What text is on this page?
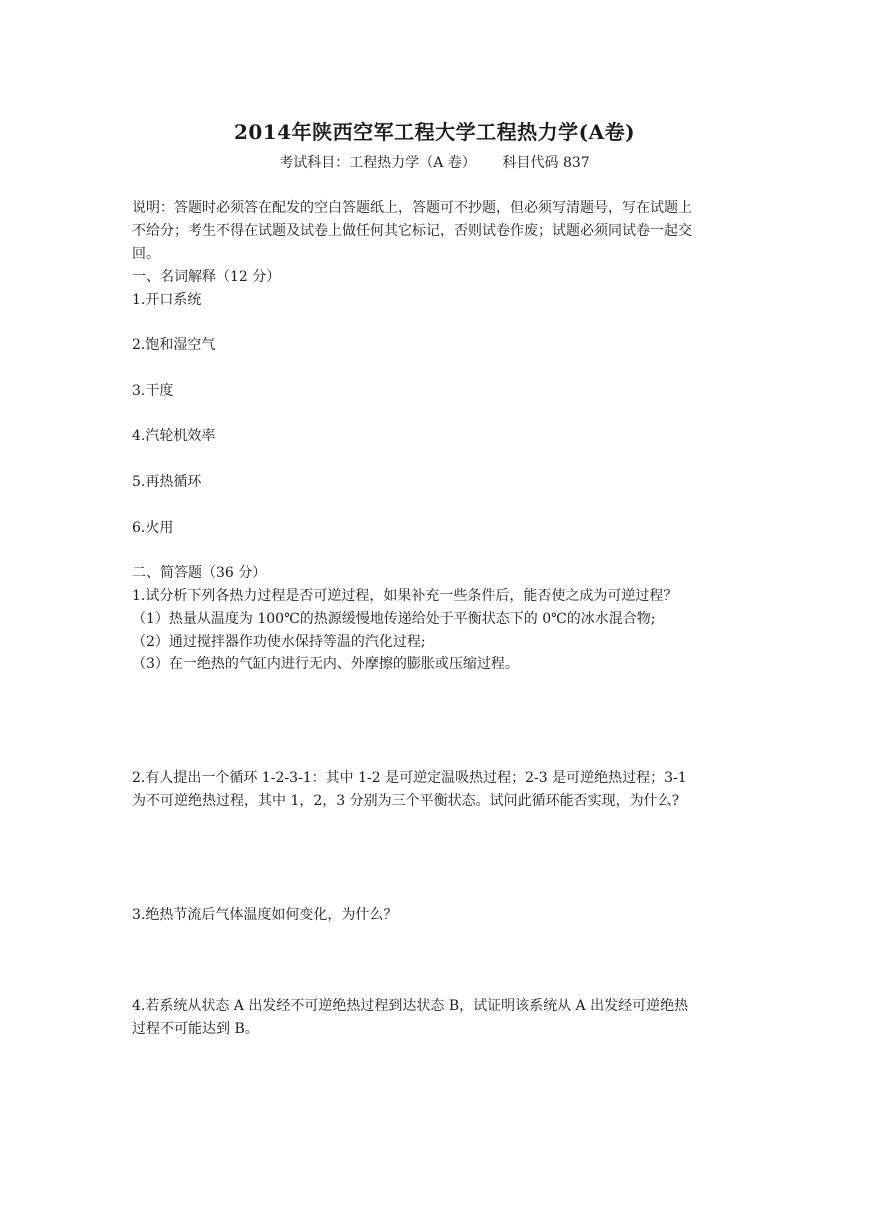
2014年陕西空军工程大学工程热力学(A卷)
考试科目：工程热力学（A 卷）      科目代码 837
说明：答题时必须答在配发的空白答题纸上，答题可不抄题，但必须写清题号，写在试题上
不给分；考生不得在试题及试卷上做任何其它标记，否则试卷作废；试题必须同试卷一起交
回。
一、名词解释（12 分）
1.开口系统
2.饱和湿空气
3.干度
4.汽轮机效率
5.再热循环
6.火用
二、简答题（36 分）
1.试分析下列各热力过程是否可逆过程，如果补充一些条件后，能否使之成为可逆过程？
（1）热量从温度为 100℃的热源缓慢地传递给处于平衡状态下的 0℃的冰水混合物;
（2）通过搅拌器作功使水保持等温的汽化过程;
（3）在一绝热的气缸内进行无内、外摩擦的膨胀或压缩过程。
2.有人提出一个循环 1-2-3-1：其中 1-2 是可逆定温吸热过程；2-3 是可逆绝热过程；3-1
为不可逆绝热过程，其中 1，2，3 分别为三个平衡状态。试问此循环能否实现，为什么?
3.绝热节流后气体温度如何变化，为什么？
4.若系统从状态 A 出发经不可逆绝热过程到达状态 B，试证明该系统从 A 出发经可逆绝热
过程不可能达到 B。
